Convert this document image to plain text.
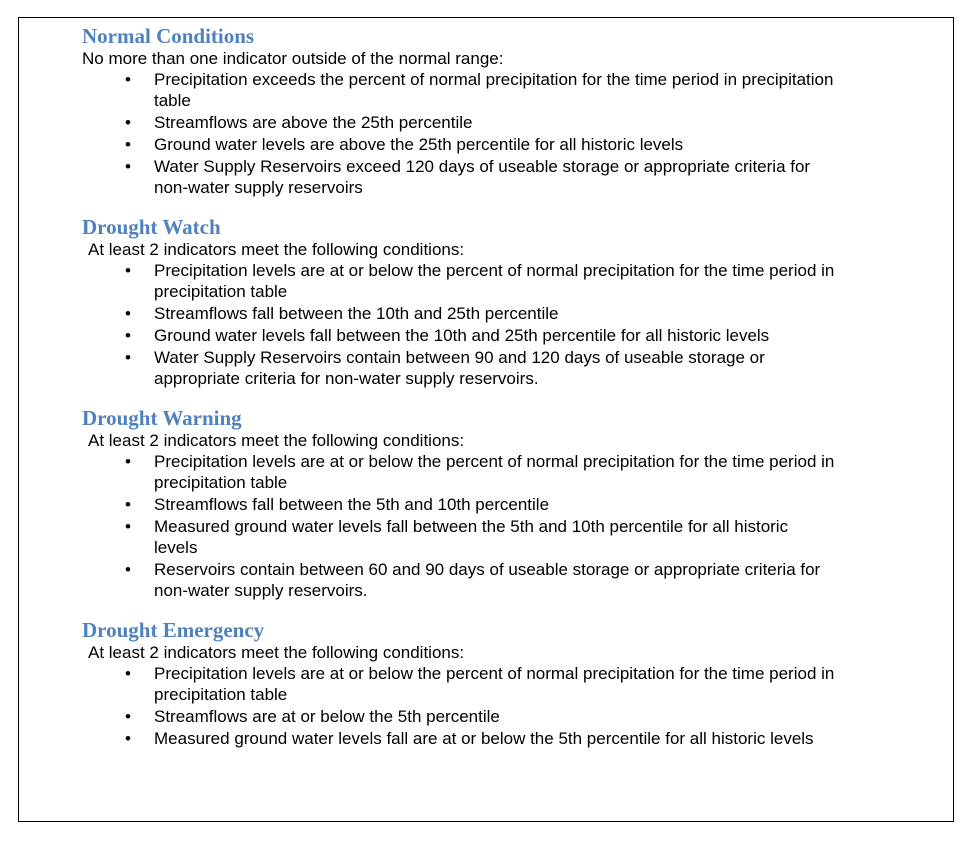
Normal Conditions
No more than one indicator outside of the normal range:
• Precipitation exceeds the percent of normal precipitation for the time period in precipitation table
• Streamflows are above the 25th percentile
• Ground water levels are above the 25th percentile for all historic levels
• Water Supply Reservoirs exceed 120 days of useable storage or appropriate criteria for non-water supply reservoirs
Drought Watch
At least 2 indicators meet the following conditions:
• Precipitation levels are at or below the percent of normal precipitation for the time period in precipitation table
• Streamflows fall between the 10th and 25th percentile
• Ground water levels fall between the 10th and 25th percentile for all historic levels
• Water Supply Reservoirs contain between 90 and 120 days of useable storage or appropriate criteria for non-water supply reservoirs.
Drought Warning
At least 2 indicators meet the following conditions:
• Precipitation levels are at or below the percent of normal precipitation for the time period in precipitation table
• Streamflows fall between the 5th and 10th percentile
• Measured ground water levels fall between the 5th and 10th percentile for all historic levels
• Reservoirs contain between 60 and 90 days of useable storage or appropriate criteria for non-water supply reservoirs.
Drought Emergency
At least 2 indicators meet the following conditions:
• Precipitation levels are at or below the percent of normal precipitation for the time period in precipitation table
• Streamflows are at or below the 5th percentile
• Measured ground water levels fall are at or below the 5th percentile for all historic levels
